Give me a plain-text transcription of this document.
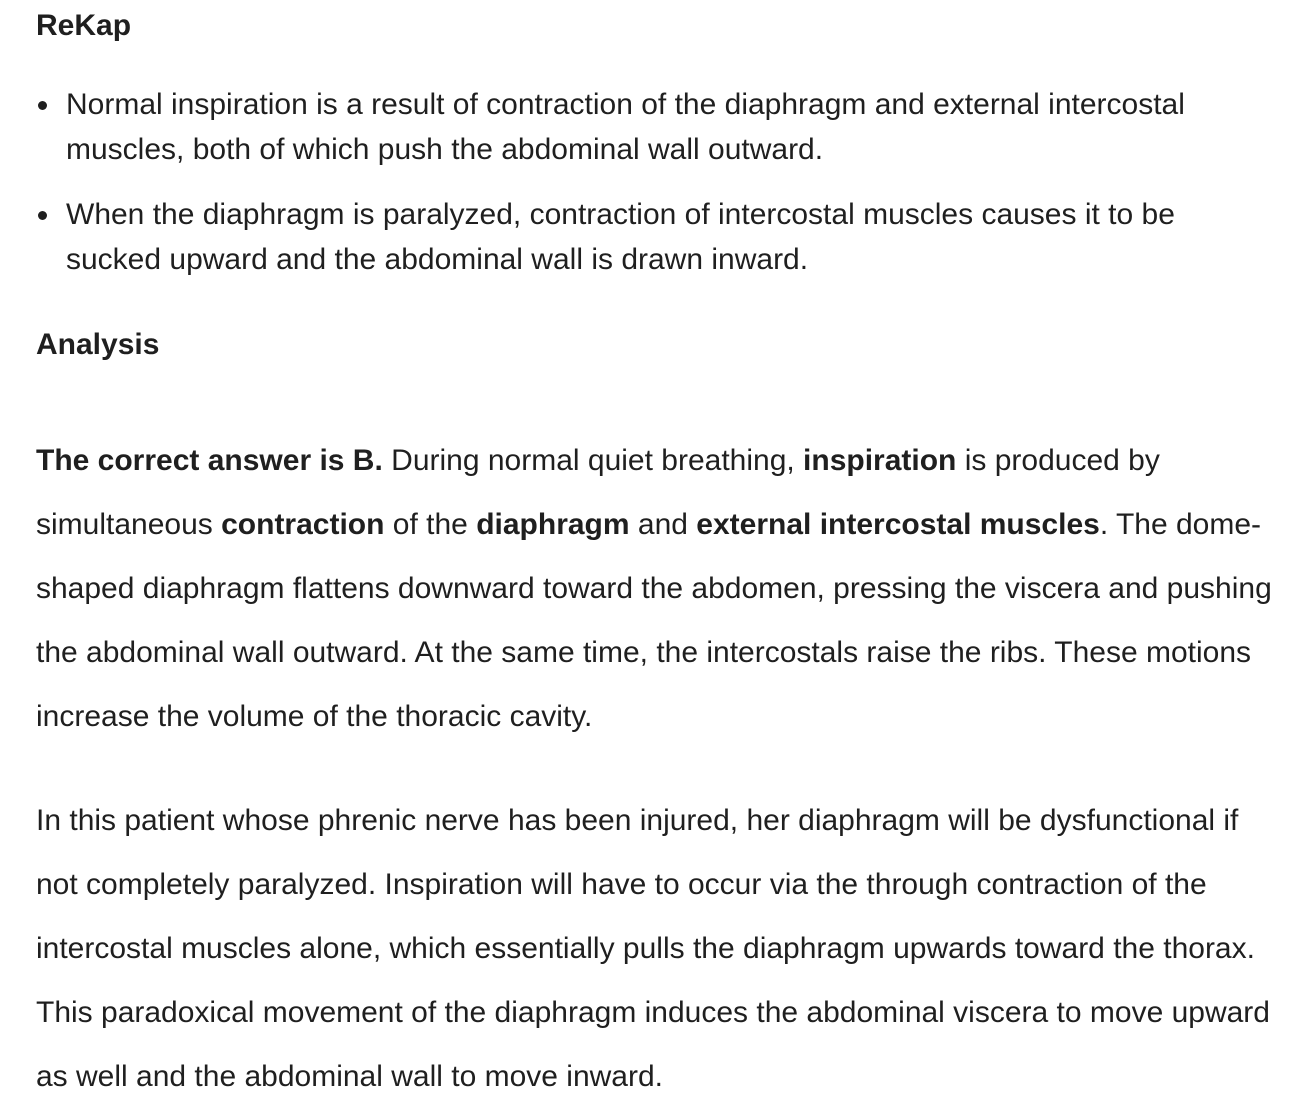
ReKap
Normal inspiration is a result of contraction of the diaphragm and external intercostal muscles, both of which push the abdominal wall outward.
When the diaphragm is paralyzed, contraction of intercostal muscles causes it to be sucked upward and the abdominal wall is drawn inward.
Analysis

The correct answer is B. During normal quiet breathing, inspiration is produced by simultaneous contraction of the diaphragm and external intercostal muscles. The dome-shaped diaphragm flattens downward toward the abdomen, pressing the viscera and pushing the abdominal wall outward. At the same time, the intercostals raise the ribs. These motions increase the volume of the thoracic cavity.

In this patient whose phrenic nerve has been injured, her diaphragm will be dysfunctional if not completely paralyzed. Inspiration will have to occur via the through contraction of the intercostal muscles alone, which essentially pulls the diaphragm upwards toward the thorax. This paradoxical movement of the diaphragm induces the abdominal viscera to move upward as well and the abdominal wall to move inward.
